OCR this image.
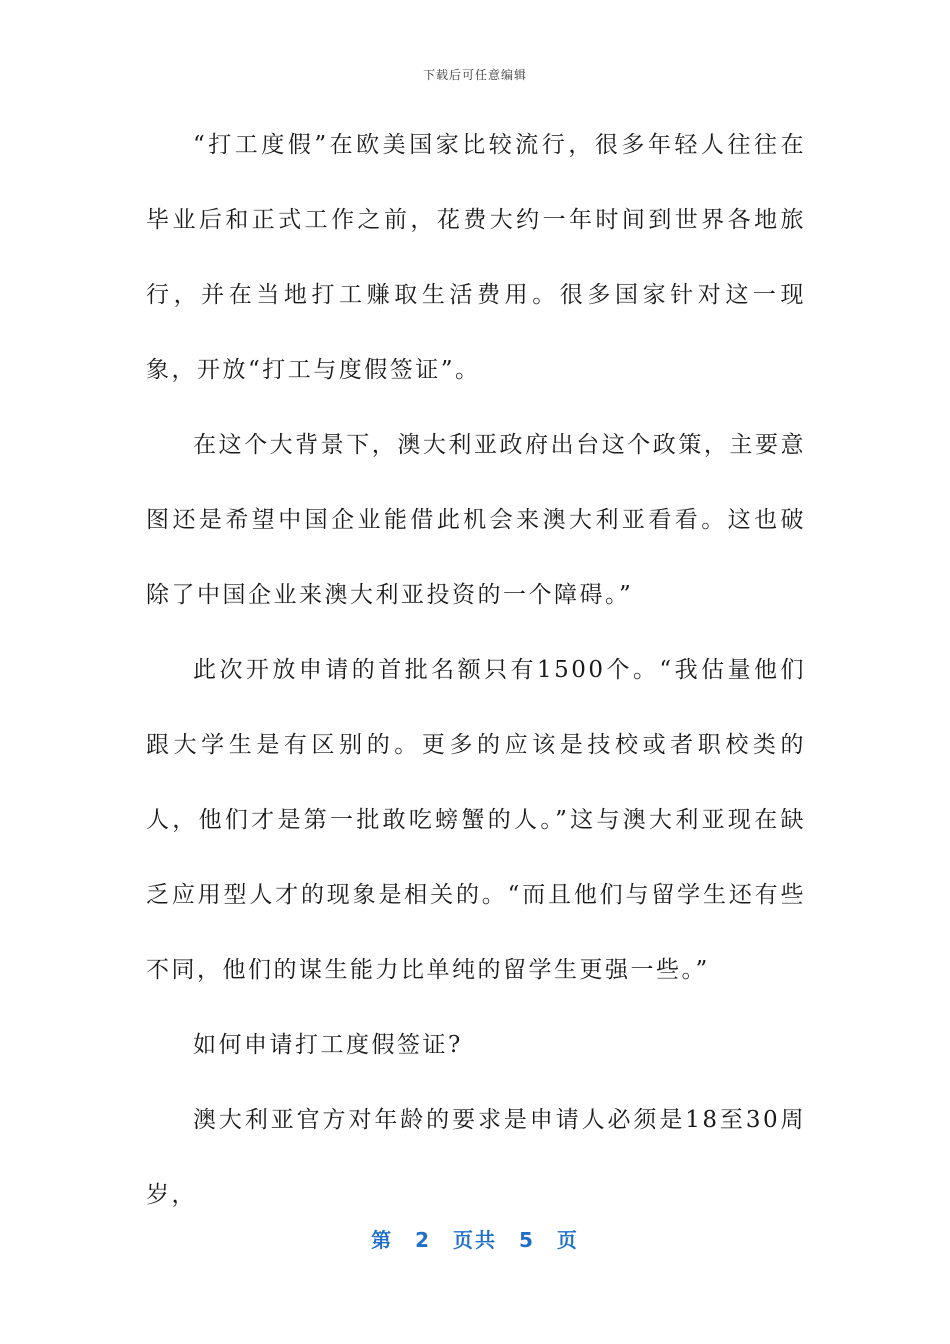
下载后可任意编辑

“打工度假”在欧美国家比较流行，很多年轻人往往在毕业后和正式工作之前，花费大约一年时间到世界各地旅行，并在当地打工赚取生活费用。很多国家针对这一现象，开放“打工与度假签证”。

在这个大背景下，澳大利亚政府出台这个政策，主要意图还是希望中国企业能借此机会来澳大利亚看看。这也破除了中国企业来澳大利亚投资的一个障碍。”

此次开放申请的首批名额只有1500个。“我估量他们跟大学生是有区别的。更多的应该是技校或者职校类的人，他们才是第一批敢吃螃蟹的人。”这与澳大利亚现在缺乏应用型人才的现象是相关的。“而且他们与留学生还有些不同，他们的谋生能力比单纯的留学生更强一些。”

如何申请打工度假签证?

澳大利亚官方对年龄的要求是申请人必须是18至30周岁，

第 2 页共 5 页
